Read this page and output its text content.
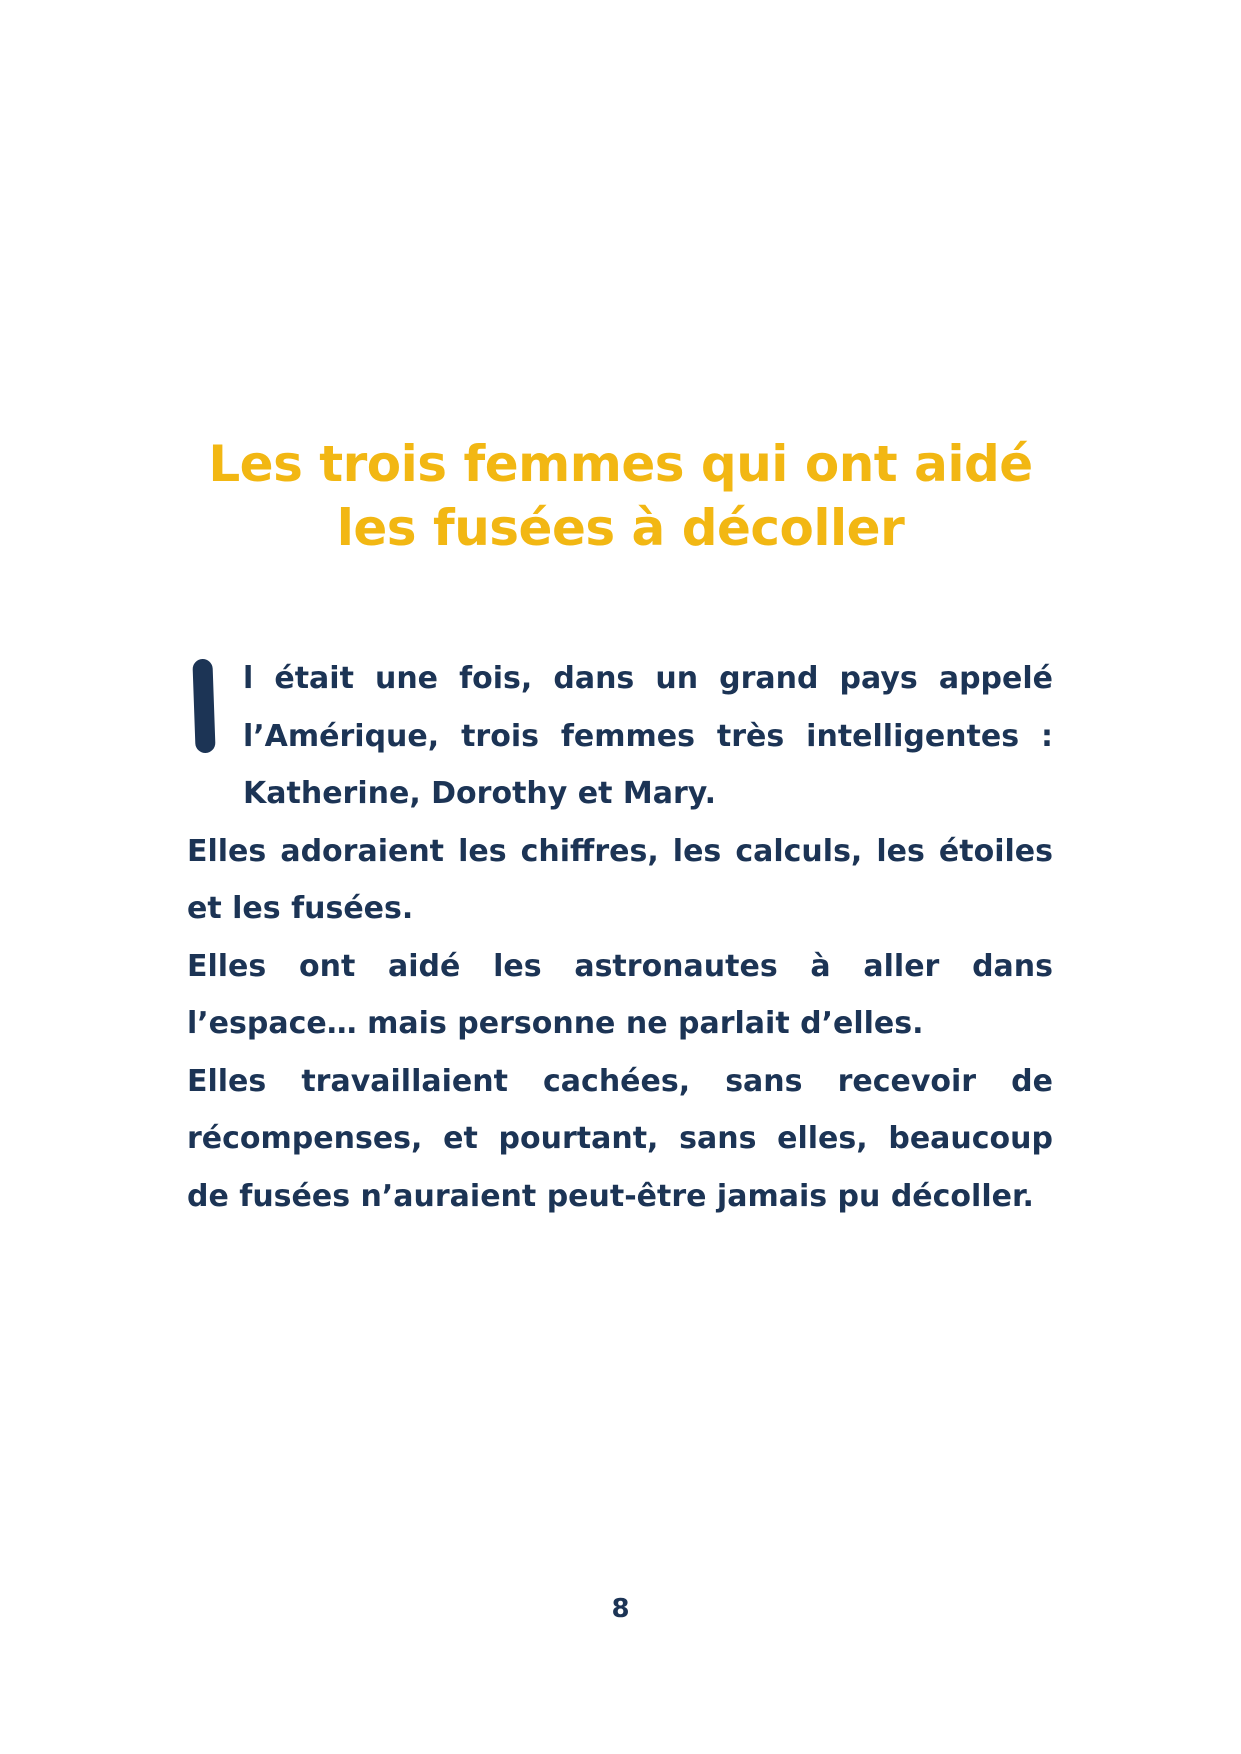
Les trois femmes qui ont aidé
les fusées à décoller

l était une fois, dans un grand pays appelé l’Amérique, trois femmes très intelligentes : Katherine, Dorothy et Mary.

Elles adoraient les chiffres, les calculs, les étoiles et les fusées.

Elles ont aidé les astronautes à aller dans l’espace… mais personne ne parlait d’elles.

Elles travaillaient cachées, sans recevoir de récompenses, et pourtant, sans elles, beaucoup de fusées n’auraient peut-être jamais pu décoller.

8
